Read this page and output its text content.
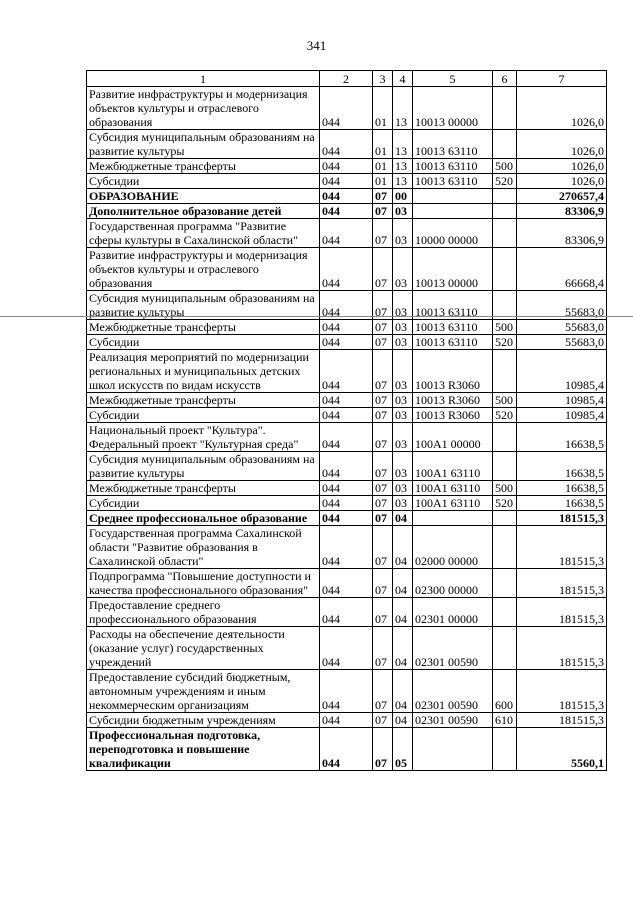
341
1	2	3	4	5	6	7
Развитие инфраструктуры и модернизация объектов культуры и отраслевого образования	044	01	13	10013 00000		1026,0
Субсидия муниципальным образованиям на развитие культуры	044	01	13	10013 63110		1026,0
Межбюджетные трансферты	044	01	13	10013 63110	500	1026,0
Субсидии	044	01	13	10013 63110	520	1026,0
ОБРАЗОВАНИЕ	044	07	00			270657,4
Дополнительное образование детей	044	07	03			83306,9
Государственная программа "Развитие сферы культуры в Сахалинской области"	044	07	03	10000 00000		83306,9
Развитие инфраструктуры и модернизация объектов культуры и отраслевого образования	044	07	03	10013 00000		66668,4
Субсидия муниципальным образованиям на развитие культуры	044	07	03	10013 63110		55683,0
Межбюджетные трансферты	044	07	03	10013 63110	500	55683,0
Субсидии	044	07	03	10013 63110	520	55683,0
Реализация мероприятий по модернизации региональных и муниципальных детских школ искусств по видам искусств	044	07	03	10013 R3060		10985,4
Межбюджетные трансферты	044	07	03	10013 R3060	500	10985,4
Субсидии	044	07	03	10013 R3060	520	10985,4
Национальный проект "Культура". Федеральный проект "Культурная среда"	044	07	03	100A1 00000		16638,5
Субсидия муниципальным образованиям на развитие культуры	044	07	03	100A1 63110		16638,5
Межбюджетные трансферты	044	07	03	100A1 63110	500	16638,5
Субсидии	044	07	03	100A1 63110	520	16638,5
Среднее профессиональное образование	044	07	04			181515,3
Государственная программа Сахалинской области "Развитие образования в Сахалинской области"	044	07	04	02000 00000		181515,3
Подпрограмма "Повышение доступности и качества профессионального образования"	044	07	04	02300 00000		181515,3
Предоставление среднего профессионального образования	044	07	04	02301 00000		181515,3
Расходы на обеспечение деятельности (оказание услуг) государственных учреждений	044	07	04	02301 00590		181515,3
Предоставление субсидий бюджетным, автономным учреждениям и иным некоммерческим организациям	044	07	04	02301 00590	600	181515,3
Субсидии бюджетным учреждениям	044	07	04	02301 00590	610	181515,3
Профессиональная подготовка, переподготовка и повышение квалификации	044	07	05			5560,1
